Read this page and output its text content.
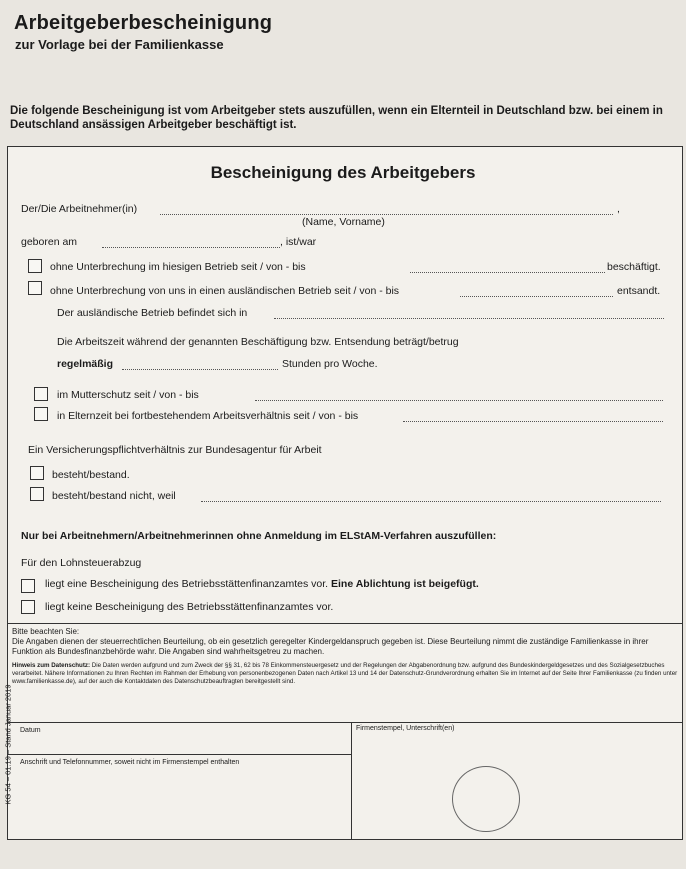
Arbeitgeberbescheinigung
zur Vorlage bei der Familienkasse
Die folgende Bescheinigung ist vom Arbeitgeber stets auszufüllen, wenn ein Elternteil in Deutschland bzw. bei einem in Deutschland ansässigen Arbeitgeber beschäftigt ist.
Bescheinigung des Arbeitgebers
Der/Die Arbeitnehmer(in)	,
(Name, Vorname)
geboren am	, ist/war
ohne Unterbrechung im hiesigen Betrieb seit / von - bis	beschäftigt.
ohne Unterbrechung von uns in einen ausländischen Betrieb seit / von - bis	entsandt.
Der ausländische Betrieb befindet sich in
Die Arbeitszeit während der genannten Beschäftigung bzw. Entsendung beträgt/betrug
regelmäßig	Stunden pro Woche.
im Mutterschutz seit / von - bis
in Elternzeit bei fortbestehendem Arbeitsverhältnis seit / von - bis
Ein Versicherungspflichtverhältnis zur Bundesagentur für Arbeit
besteht/bestand.
besteht/bestand nicht, weil
Nur bei Arbeitnehmern/Arbeitnehmerinnen ohne Anmeldung im ELStAM-Verfahren auszufüllen:
Für den Lohnsteuerabzug
liegt eine Bescheinigung des Betriebsstättenfinanzamtes vor. Eine Ablichtung ist beigefügt.
liegt keine Bescheinigung des Betriebsstättenfinanzamtes vor.
Bitte beachten Sie:
Die Angaben dienen der steuerrechtlichen Beurteilung, ob ein gesetzlich geregelter Kindergeldanspruch gegeben ist. Diese Beurteilung nimmt die zuständige Familienkasse in ihrer Funktion als Bundesfinanzbehörde wahr. Die Angaben sind wahrheitsgetreu zu machen.
Hinweis zum Datenschutz: Die Daten werden aufgrund und zum Zweck der §§ 31, 62 bis 78 Einkommensteuergesetz und der Regelungen der Abgabenordnung bzw. aufgrund des Bundeskindergeldgesetzes und des Sozialgesetzbuches verarbeitet. Nähere Informationen zu Ihren Rechten im Rahmen der Erhebung von personenbezogenen Daten nach Artikel 13 und 14 der Datenschutz-Grundverordnung erhalten Sie im Internet auf der Seite Ihrer Familienkasse (zu finden unter www.familienkasse.de), auf der auch die Kontaktdaten des Datenschutzbeauftragten bereitgestellt sind.
Datum	Firmenstempel, Unterschrift(en)
Anschrift und Telefonnummer, soweit nicht im Firmenstempel enthalten
KG 54 – 01.19 – Stand Januar 2019
